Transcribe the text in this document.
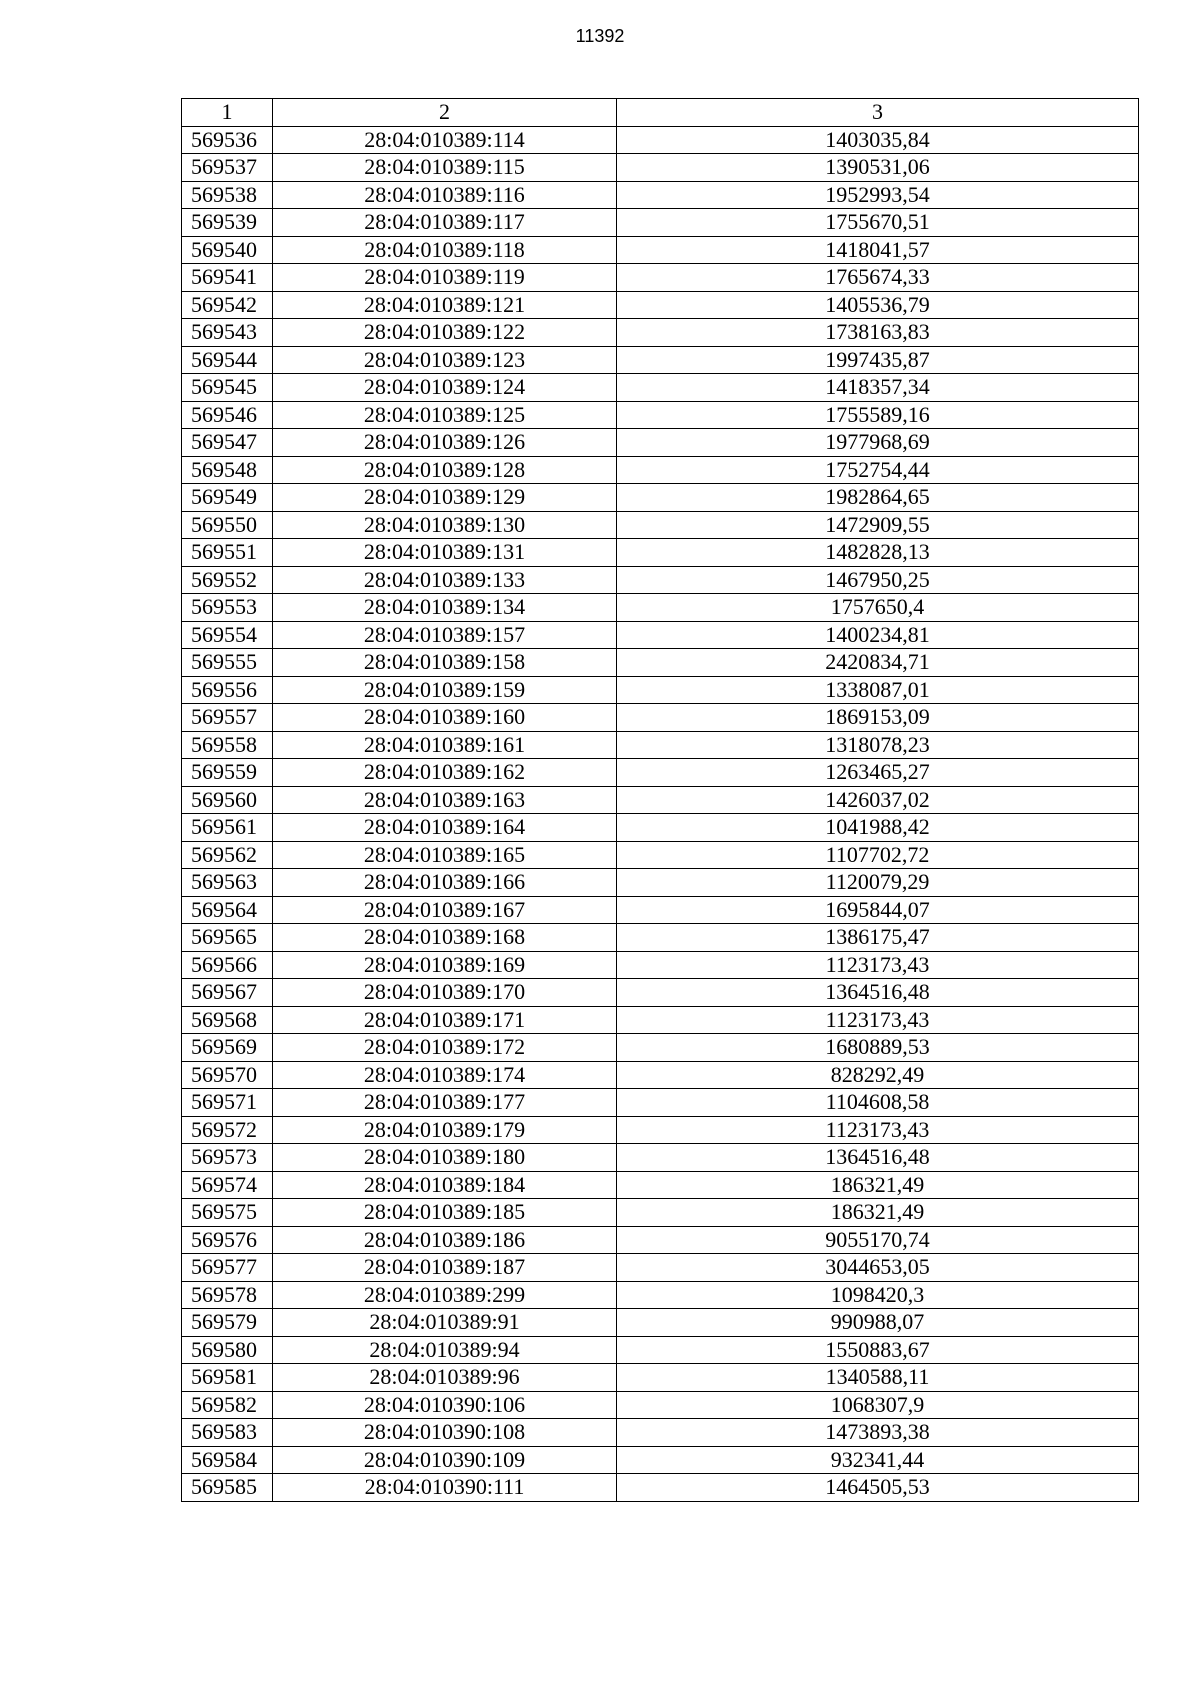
11392
1	2	3
569536	28:04:010389:114	1403035,84
569537	28:04:010389:115	1390531,06
569538	28:04:010389:116	1952993,54
569539	28:04:010389:117	1755670,51
569540	28:04:010389:118	1418041,57
569541	28:04:010389:119	1765674,33
569542	28:04:010389:121	1405536,79
569543	28:04:010389:122	1738163,83
569544	28:04:010389:123	1997435,87
569545	28:04:010389:124	1418357,34
569546	28:04:010389:125	1755589,16
569547	28:04:010389:126	1977968,69
569548	28:04:010389:128	1752754,44
569549	28:04:010389:129	1982864,65
569550	28:04:010389:130	1472909,55
569551	28:04:010389:131	1482828,13
569552	28:04:010389:133	1467950,25
569553	28:04:010389:134	1757650,4
569554	28:04:010389:157	1400234,81
569555	28:04:010389:158	2420834,71
569556	28:04:010389:159	1338087,01
569557	28:04:010389:160	1869153,09
569558	28:04:010389:161	1318078,23
569559	28:04:010389:162	1263465,27
569560	28:04:010389:163	1426037,02
569561	28:04:010389:164	1041988,42
569562	28:04:010389:165	1107702,72
569563	28:04:010389:166	1120079,29
569564	28:04:010389:167	1695844,07
569565	28:04:010389:168	1386175,47
569566	28:04:010389:169	1123173,43
569567	28:04:010389:170	1364516,48
569568	28:04:010389:171	1123173,43
569569	28:04:010389:172	1680889,53
569570	28:04:010389:174	828292,49
569571	28:04:010389:177	1104608,58
569572	28:04:010389:179	1123173,43
569573	28:04:010389:180	1364516,48
569574	28:04:010389:184	186321,49
569575	28:04:010389:185	186321,49
569576	28:04:010389:186	9055170,74
569577	28:04:010389:187	3044653,05
569578	28:04:010389:299	1098420,3
569579	28:04:010389:91	990988,07
569580	28:04:010389:94	1550883,67
569581	28:04:010389:96	1340588,11
569582	28:04:010390:106	1068307,9
569583	28:04:010390:108	1473893,38
569584	28:04:010390:109	932341,44
569585	28:04:010390:111	1464505,53
